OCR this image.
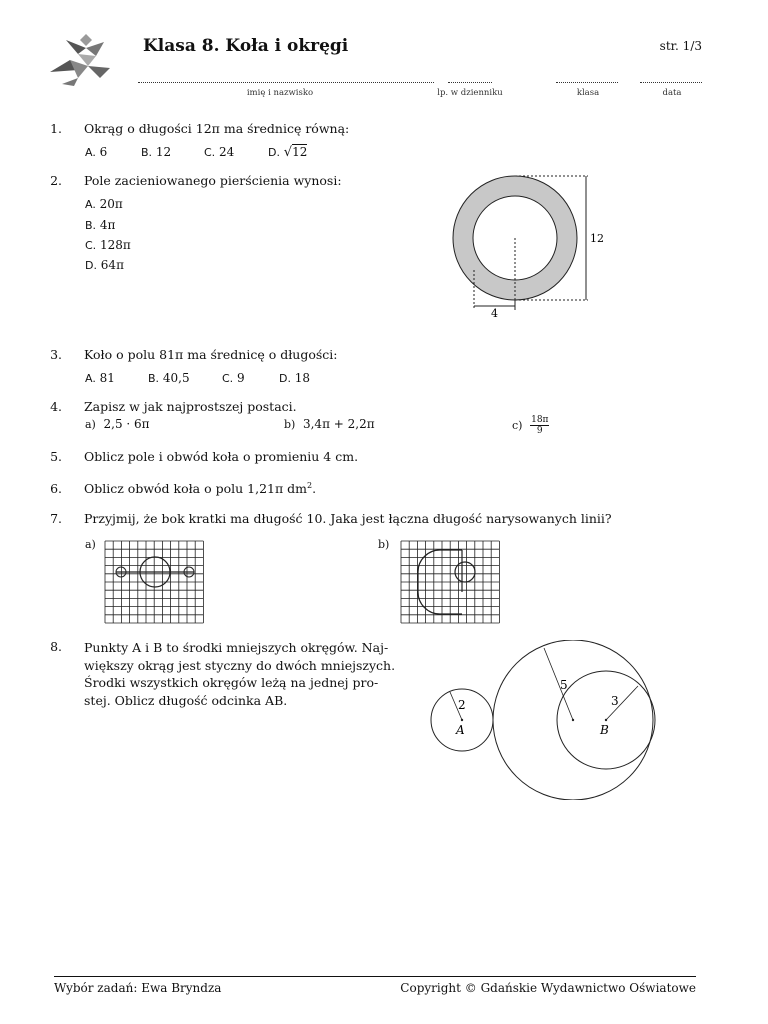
Klasa 8. Koła i okręgi	str. 1/3
imię i nazwisko	lp. w dzienniku	klasa	data
1. Okrąg o długości 12π ma średnicę równą:
A. 6	B. 12	C. 24	D. √12
2. Pole zacieniowanego pierścienia wynosi:
A. 20π
B. 4π
C. 128π
D. 64π
12
4
3. Koło o polu 81π ma średnicę o długości:
A. 81	B. 40,5	C. 9	D. 18
4. Zapisz w jak najprostszej postaci.
a) 2,5 · 6π	b) 3,4π + 2,2π	$c) \frac{18\pi}{9}$
5. Oblicz pole i obwód koła o promieniu 4 cm.
6. Oblicz obwód koła o polu 1,21π $dm^2$.
7. Przyjmij, że bok kratki ma długość 10. Jaka jest łączna długość narysowanych linii?
a)	b)
8. Punkty A i B to środki mniejszych okręgów. Naj-
większy okrąg jest styczny do dwóch mniejszych.
Środki wszystkich okręgów leżą na jednej pro-
stej. Oblicz długość odcinka AB.	2
5
3
A	B
Wybór zadań: Ewa Bryndza	Copyright © Gdańskie Wydawnictwo Oświatowe
